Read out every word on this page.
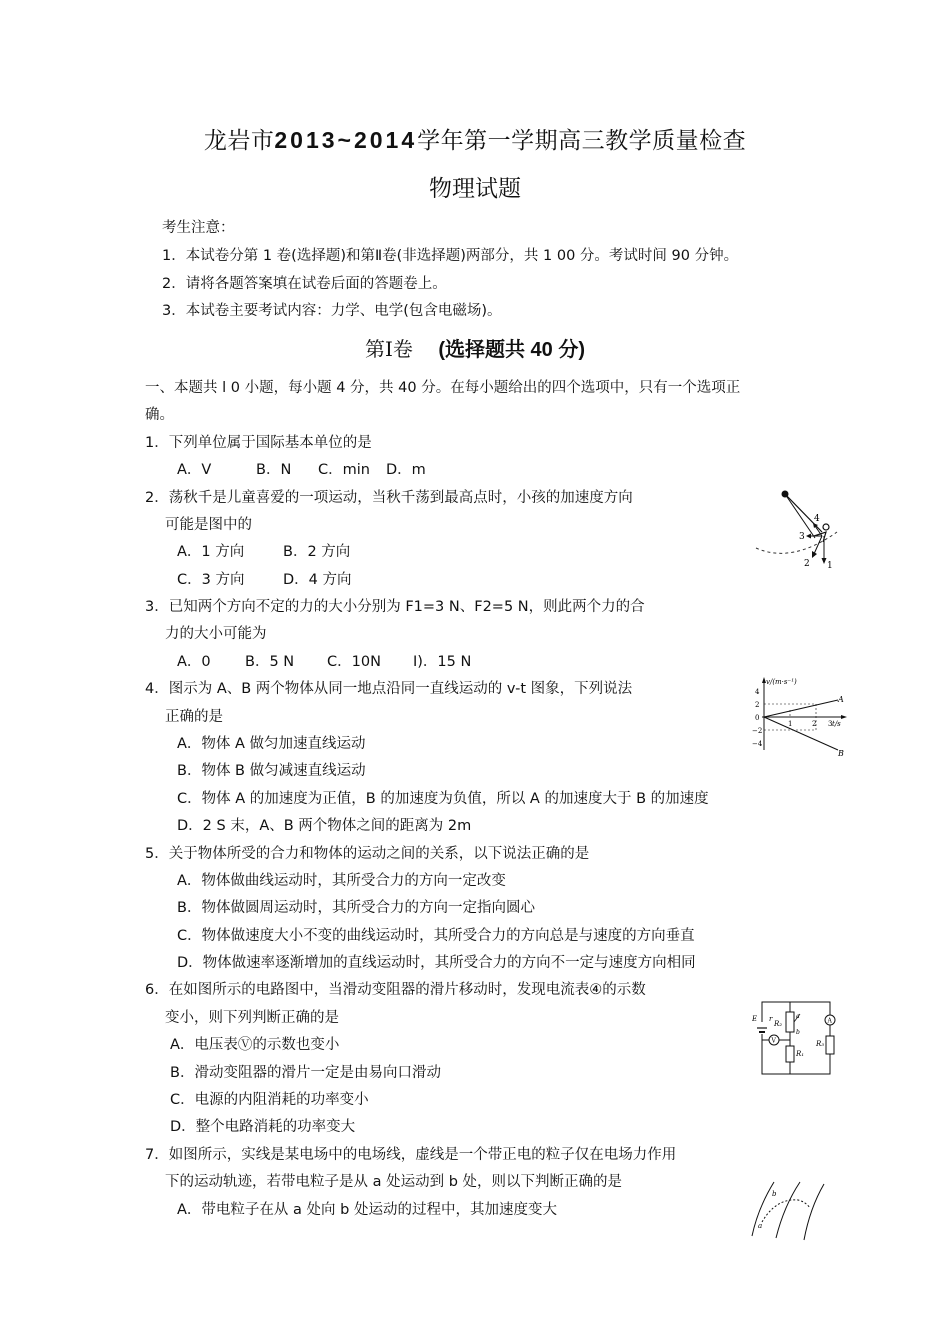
龙岩市2013~2014学年第一学期高三教学质量检查
物理试题
考生注意：
1．本试卷分第 1 卷(选择题)和第Ⅱ卷(非选择题)两部分，共 1 00 分。考试时间 90 分钟。
2．请将各题答案填在试卷后面的答题卷上。
3．本试卷主要考试内容：力学、电学(包含电磁场)。
第Ⅰ卷 (选择题共 40 分)
一、本题共 l 0 小题，每小题 4 分，共 40 分。在每小题给出的四个选项中，只有一个选项正
确。
1．下列单位属于国际基本单位的是
A．V	B．N C．min D．m
2．荡秋千是儿童喜爱的一项运动，当秋千荡到最高点时，小孩的加速度方向
可能是图中的
A．1 方向	B．2 方向
C．3 方向	D．4 方向
3．已知两个方向不定的力的大小分别为 F1=3 N、F2=5 N，则此两个力的合
力的大小可能为
A．0 B．5 N C．10N I)．15 N
4．图示为 A、B 两个物体从同一地点沿同一直线运动的 v-t 图象，下列说法
正确的是
A．物体 A 做匀加速直线运动
B．物体 B 做匀减速直线运动
C．物体 A 的加速度为正值，B 的加速度为负值，所以 A 的加速度大于 B 的加速度
D．2 S 末，A、B 两个物体之间的距离为 2m
5．关于物体所受的合力和物体的运动之间的关系，以下说法正确的是
A．物体做曲线运动时，其所受合力的方向一定改变
B．物体做圆周运动时，其所受合力的方向一定指向圆心
C．物体做速度大小不变的曲线运动时，其所受合力的方向总是与速度的方向垂直
D．物体做速率逐渐增加的直线运动时，其所受合力的方向不一定与速度方向相同
6．在如图所示的电路图中，当滑动变阻器的滑片移动时，发现电流表④的示数
变小，则下列判断正确的是
A．电压表Ⓥ的示数也变小
B．滑动变阻器的滑片一定是由易向口滑动
C．电源的内阻消耗的功率变小
D．整个电路消耗的功率变大
7．如图所示，实线是某电场中的电场线，虚线是一个带正电的粒子仅在电场力作用
下的运动轨迹，若带电粒子是从 a 处运动到 b 处，则以下判断正确的是
A．带电粒子在从 a 处向 b 处运动的过程中，其加速度变大
1
2
3
4
v/(m·s⁻¹)
t/s
4
2
0
−2
−4
1	2 3
A
B
E r
R₂
a
b
V
R₁
A
R₃
a
b
